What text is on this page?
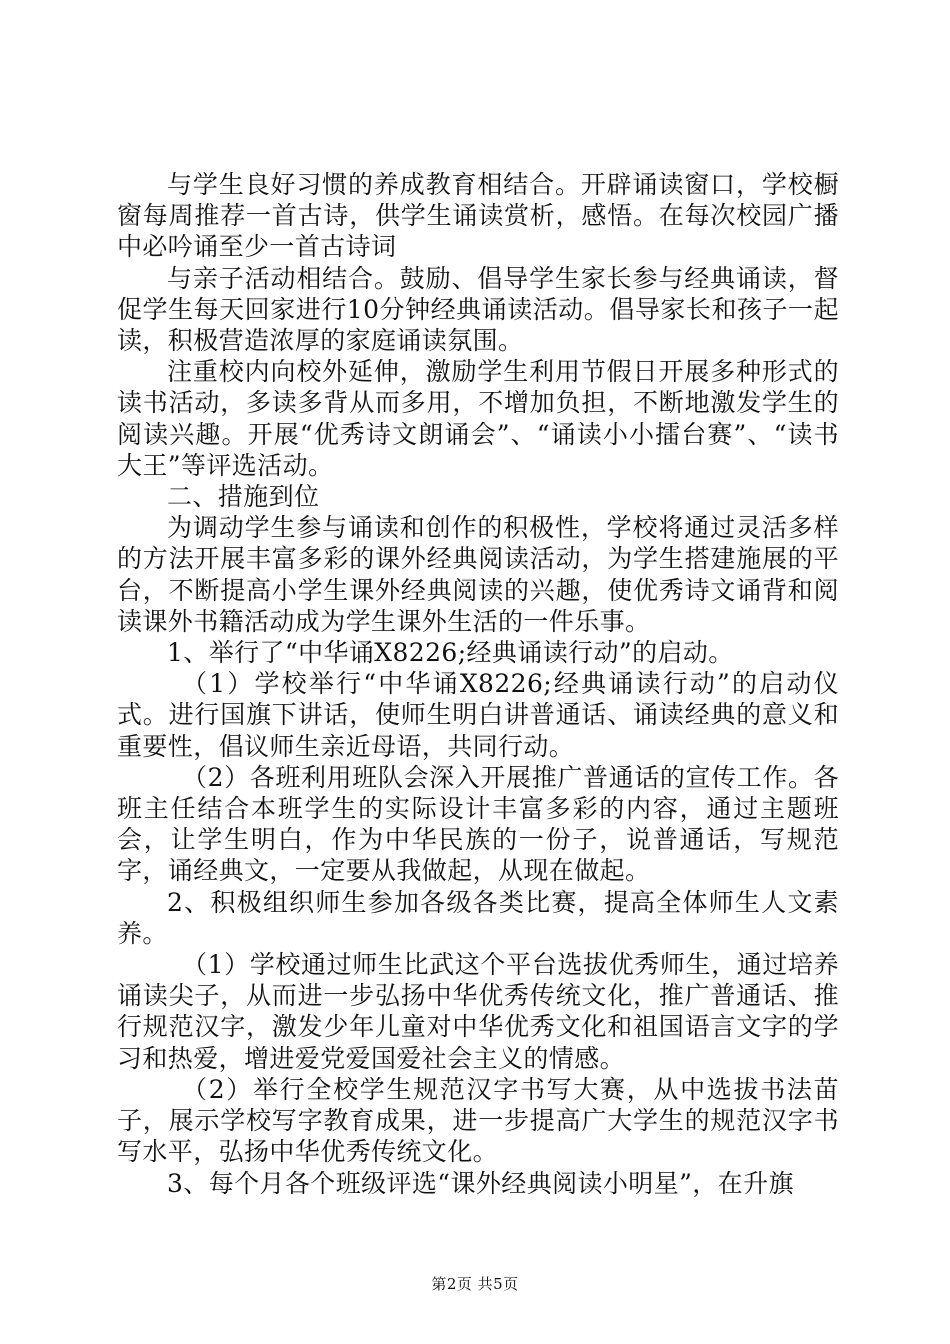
与学生良好习惯的养成教育相结合。开辟诵读窗口，学校橱窗每周推荐一首古诗，供学生诵读赏析，感悟。在每次校园广播中必吟诵至少一首古诗词

与亲子活动相结合。鼓励、倡导学生家长参与经典诵读，督促学生每天回家进行10分钟经典诵读活动。倡导家长和孩子一起读，积极营造浓厚的家庭诵读氛围。

注重校内向校外延伸，激励学生利用节假日开展多种形式的读书活动，多读多背从而多用，不增加负担，不断地激发学生的阅读兴趣。开展“优秀诗文朗诵会”、“诵读小小擂台赛”、“读书大王”等评选活动。

二、措施到位

为调动学生参与诵读和创作的积极性，学校将通过灵活多样的方法开展丰富多彩的课外经典阅读活动，为学生搭建施展的平台，不断提高小学生课外经典阅读的兴趣，使优秀诗文诵背和阅读课外书籍活动成为学生课外生活的一件乐事。

1、举行了“中华诵X8226;经典诵读行动”的启动。

（1）学校举行“中华诵X8226;经典诵读行动”的启动仪式。进行国旗下讲话，使师生明白讲普通话、诵读经典的意义和重要性，倡议师生亲近母语，共同行动。

（2）各班利用班队会深入开展推广普通话的宣传工作。各班主任结合本班学生的实际设计丰富多彩的内容，通过主题班会，让学生明白，作为中华民族的一份子，说普通话，写规范字，诵经典文，一定要从我做起，从现在做起。

2、积极组织师生参加各级各类比赛，提高全体师生人文素养。

（1）学校通过师生比武这个平台选拔优秀师生，通过培养诵读尖子，从而进一步弘扬中华优秀传统文化，推广普通话、推行规范汉字，激发少年儿童对中华优秀文化和祖国语言文字的学习和热爱，增进爱党爱国爱社会主义的情感。

（2）举行全校学生规范汉字书写大赛，从中选拔书法苗子，展示学校写字教育成果，进一步提高广大学生的规范汉字书写水平，弘扬中华优秀传统文化。

3、每个月各个班级评选“课外经典阅读小明星”，在升旗

第2页 共5页
